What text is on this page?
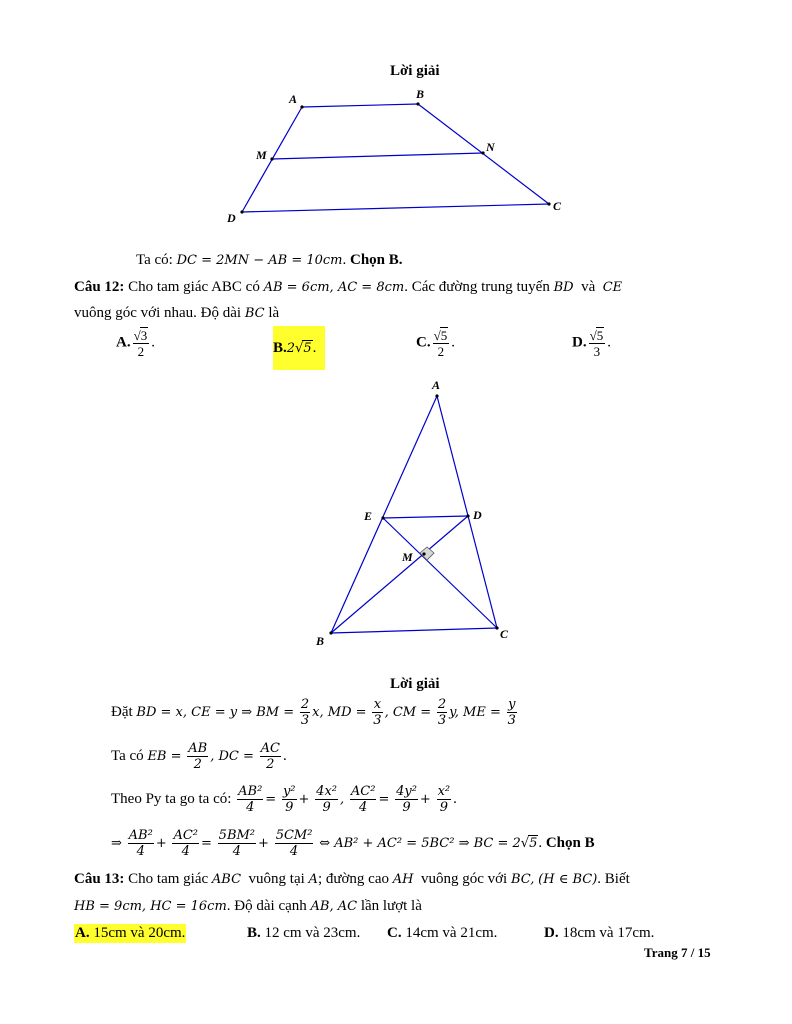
Lời giải
A	B
M
N
D
C
Ta có: DC = 2MN − AB = 10cm. Chọn B.
Câu 12: Cho tam giác ABC có AB = 6cm, AC = 8cm. Các đường trung tuyến BD và CE
vuông góc với nhau. Độ dài BC là
A. $\frac{√3}{2}$ .	B.2√5.	C. $\frac{√5}{2}$ .	D. $\frac{√5}{3}$ .
A
E	D
M
B	C
Lời giải
Đặt BD = x, CE = y ⇒ BM = $\frac{2}{3} x$, MD = $\frac{x}{3}$ , CM = $\frac{2}{3} y$, ME = $\frac{y}{3}$
Ta có EB = $\frac{AB}{2}$ , DC = $\frac{AC}{2}$ .
Theo Py ta go ta có: $\frac{\text{AB²}}{4} = \frac{\text{y²}}{9} + \frac{\text{4x²}}{9}$ , $\frac{\text{AC²}}{4} = \frac{\text{4y²}}{9} + \frac{\text{x²}}{9}$ .
⇒ $\frac{\text{AB²}}{4} + \frac{\text{AC²}}{4} = \frac{\text{5BM²}}{4} + \frac{\text{5CM²}}{4}$ ⇔ AB² + AC² = 5BC² ⇒ BC = 2√5. Chọn B
Câu 13: Cho tam giác ABC vuông tại A; đường cao AH vuông góc với BC, (H ∈ BC). Biết
HB = 9cm, HC = 16cm. Độ dài cạnh AB, AC lần lượt là
A. 15cm và 20cm.	B. 12 cm và 23cm. C. 14cm và 21cm.	D. 18cm và 17cm.
Trang 7 / 15
